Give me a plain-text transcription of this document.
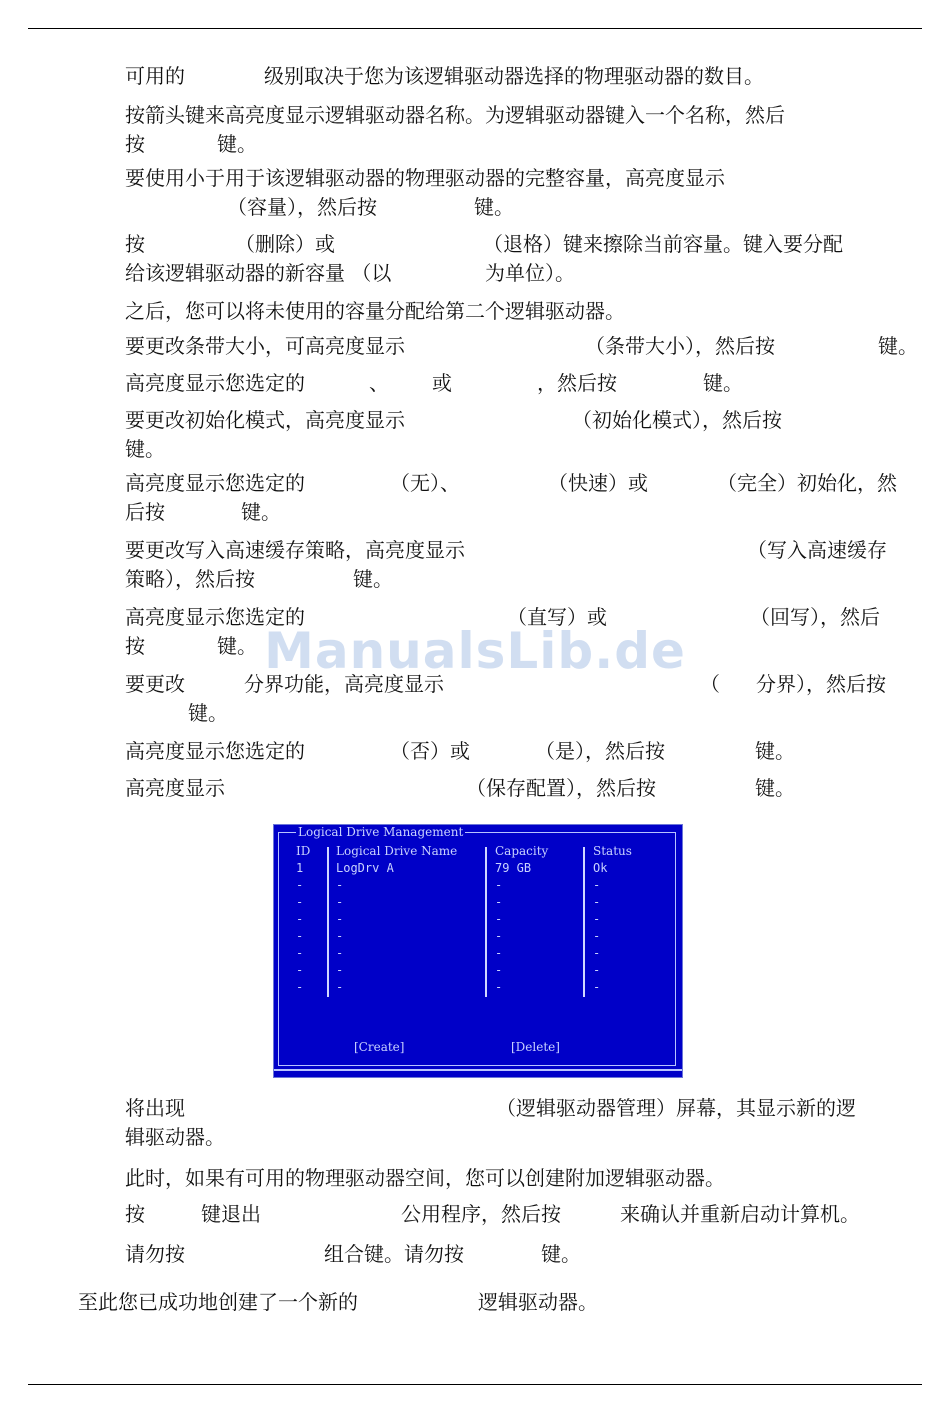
可用的	级别取决于您为该逻辑驱动器选择的物理驱动器的数目。
按箭头键来高亮度显示逻辑驱动器名称。为逻辑驱动器键入一个名称，然后
按	键。
要使用小于用于该逻辑驱动器的物理驱动器的完整容量，高亮度显示
（容量），然后按	键。
按	（删除）或	（退格）键来擦除当前容量。键入要分配
给该逻辑驱动器的新容量 （以	为单位）。
之后，您可以将未使用的容量分配给第二个逻辑驱动器。
要更改条带大小，可高亮度显示	（条带大小），然后按	键。
高亮度显示您选定的	、 或	，然后按	键。
要更改初始化模式，高亮度显示	（初始化模式），然后按
键。
高亮度显示您选定的	（无）、	（快速）或	（完全）初始化，然
后按	键。
要更改写入高速缓存策略，高亮度显示	（写入高速缓存
策略），然后按	键。
高亮度显示您选定的	（直写）或	（回写），然后
按	键。 ManualsLib.de
要更改	分界功能，高亮度显示	（ 分界），然后按
键。
高亮度显示您选定的	（否）或	（是），然后按	键。
高亮度显示	（保存配置），然后按	键。
Logical Drive Management
ID Logical Drive Name	Capacity	Status
1	LogDrv A	79 GB	Ok
-	-	-	-
-	-	-	-
-	-	-	-
-	-	-	-
-	-	-	-
-	-	-	-
-	-	-	-
[Create]	[Delete]
将出现	（逻辑驱动器管理）屏幕，其显示新的逻
辑驱动器。
此时，如果有可用的物理驱动器空间，您可以创建附加逻辑驱动器。
按	键退出	公用程序，然后按	来确认并重新启动计算机。
请勿按	组合键。请勿按	键。
至此您已成功地创建了一个新的	逻辑驱动器。
